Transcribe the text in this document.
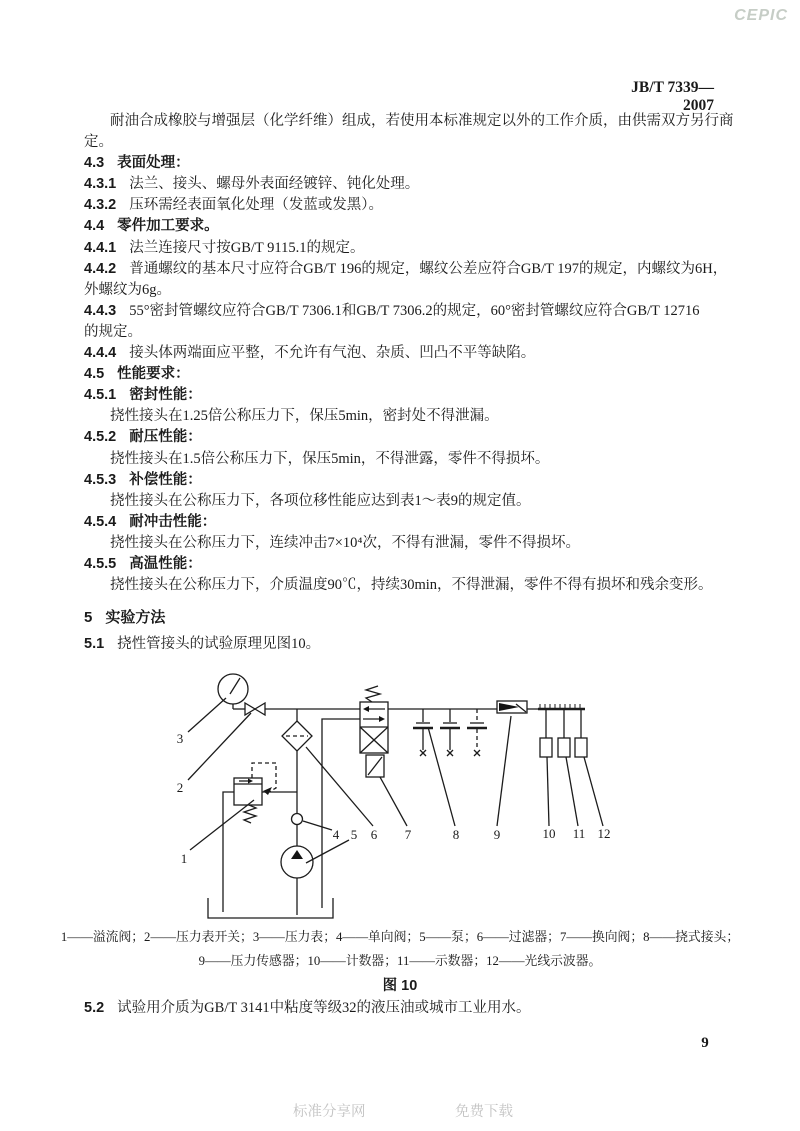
CEPIC
JB/T 7339—2007
耐油合成橡胶与增强层（化学纤维）组成，若使用本标准规定以外的工作介质，由供需双方另行商
定。
4.3 表面处理：
4.3.1 法兰、接头、螺母外表面经镀锌、钝化处理。
4.3.2 压环需经表面氧化处理（发蓝或发黑）。
4.4 零件加工要求。
4.4.1 法兰连接尺寸按GB/T 9115.1的规定。
4.4.2 普通螺纹的基本尺寸应符合GB/T 196的规定，螺纹公差应符合GB/T 197的规定，内螺纹为6H，
外螺纹为6g。
4.4.3 55°密封管螺纹应符合GB/T 7306.1和GB/T 7306.2的规定，60°密封管螺纹应符合GB/T 12716
的规定。
4.4.4 接头体两端面应平整，不允许有气泡、杂质、凹凸不平等缺陷。
4.5 性能要求：
4.5.1 密封性能：
挠性接头在1.25倍公称压力下，保压5min，密封处不得泄漏。
4.5.2 耐压性能：
挠性接头在1.5倍公称压力下，保压5min，不得泄露，零件不得损坏。
4.5.3 补偿性能：
挠性接头在公称压力下，各项位移性能应达到表1～表9的规定值。
4.5.4 耐冲击性能：
挠性接头在公称压力下，连续冲击7×10⁴次，不得有泄漏，零件不得损坏。
4.5.5 高温性能：
挠性接头在公称压力下，介质温度90℃，持续30min，不得泄漏，零件不得有损坏和残余变形。
5 实验方法
5.1 挠性管接头的试验原理见图10。
1
2
3
4 5 6 7	8	9	10 11 12
1——溢流阀；2——压力表开关；3——压力表；4——单向阀；5——泵；6——过滤器；7——换向阀；8——挠式接头；
9——压力传感器；10——计数器；11——示数器；12——光线示波器。
图 10
5.2 试验用介质为GB/T 3141中粘度等级32的液压油或城市工业用水。
9
标准分享网	免费下载
